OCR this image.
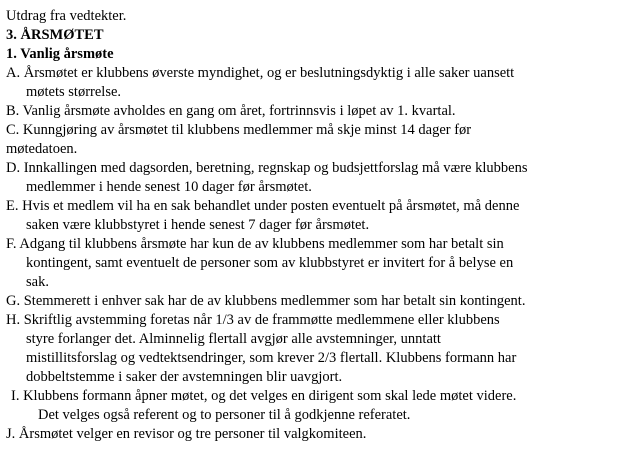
Utdrag fra vedtekter.
3. ÅRSMØTET
1. Vanlig årsmøte
A. Årsmøtet er klubbens øverste myndighet, og er beslutningsdyktig i alle saker uansett
møtets størrelse.
B. Vanlig årsmøte avholdes en gang om året, fortrinnsvis i løpet av 1. kvartal.
C. Kunngjøring av årsmøtet til klubbens medlemmer må skje minst 14 dager før
møtedatoen.
D. Innkallingen med dagsorden, beretning, regnskap og budsjettforslag må være klubbens
medlemmer i hende senest 10 dager før årsmøtet.
E. Hvis et medlem vil ha en sak behandlet under posten eventuelt på årsmøtet, må denne
saken være klubbstyret i hende senest 7 dager før årsmøtet.
F. Adgang til klubbens årsmøte har kun de av klubbens medlemmer som har betalt sin
kontingent, samt eventuelt de personer som av klubbstyret er invitert for å belyse en
sak.
G. Stemmerett i enhver sak har de av klubbens medlemmer som har betalt sin kontingent.
H. Skriftlig avstemming foretas når 1/3 av de frammøtte medlemmene eller klubbens
styre forlanger det. Alminnelig flertall avgjør alle avstemninger, unntatt
mistillitsforslag og vedtektsendringer, som krever 2/3 flertall. Klubbens formann har
dobbeltstemme i saker der avstemningen blir uavgjort.
I. Klubbens formann åpner møtet, og det velges en dirigent som skal lede møtet videre.
Det velges også referent og to personer til å godkjenne referatet.
J. Årsmøtet velger en revisor og tre personer til valgkomiteen.
